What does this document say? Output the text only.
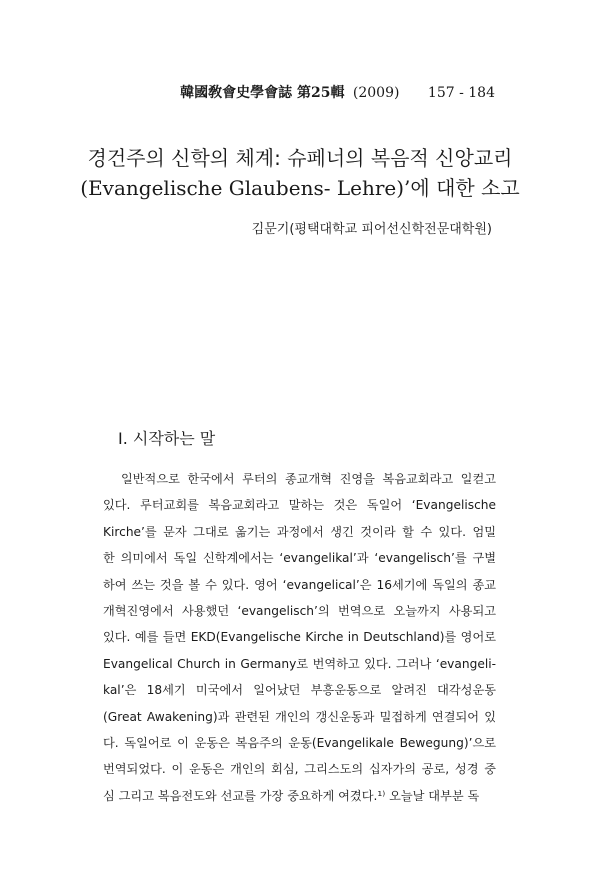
韓國敎會史學會誌 第25輯 (2009) 157 - 184
경건주의 신학의 체계: 슈페너의 복음적 신앙교리
(Evangelische Glaubens- Lehre)’에 대한 소고
김문기(평택대학교 피어선신학전문대학원)
I. 시작하는 말
일반적으로 한국에서 루터의 종교개혁 진영을 복음교회라고 일컫고
있다. 루터교회를 복음교회라고 말하는 것은 독일어 ‘Evangelische
Kirche’를 문자 그대로 옮기는 과정에서 생긴 것이라 할 수 있다. 엄밀
한 의미에서 독일 신학계에서는 ‘evangelikal’과 ‘evangelisch’를 구별
하여 쓰는 것을 볼 수 있다. 영어 ‘evangelical’은 16세기에 독일의 종교
개혁진영에서 사용했던 ‘evangelisch’의 번역으로 오늘까지 사용되고
있다. 예를 들면 EKD(Evangelische Kirche in Deutschland)를 영어로
Evangelical Church in Germany로 번역하고 있다. 그러나 ‘evangeli-
kal’은 18세기 미국에서 일어났던 부흥운동으로 알려진 대각성운동
(Great Awakening)과 관련된 개인의 갱신운동과 밀접하게 연결되어 있
다. 독일어로 이 운동은 복음주의 운동(Evangelikale Bewegung)’으로
번역되었다. 이 운동은 개인의 회심, 그리스도의 십자가의 공로, 성경 중
심 그리고 복음전도와 선교를 가장 중요하게 여겼다.¹⁾ 오늘날 대부분 독
